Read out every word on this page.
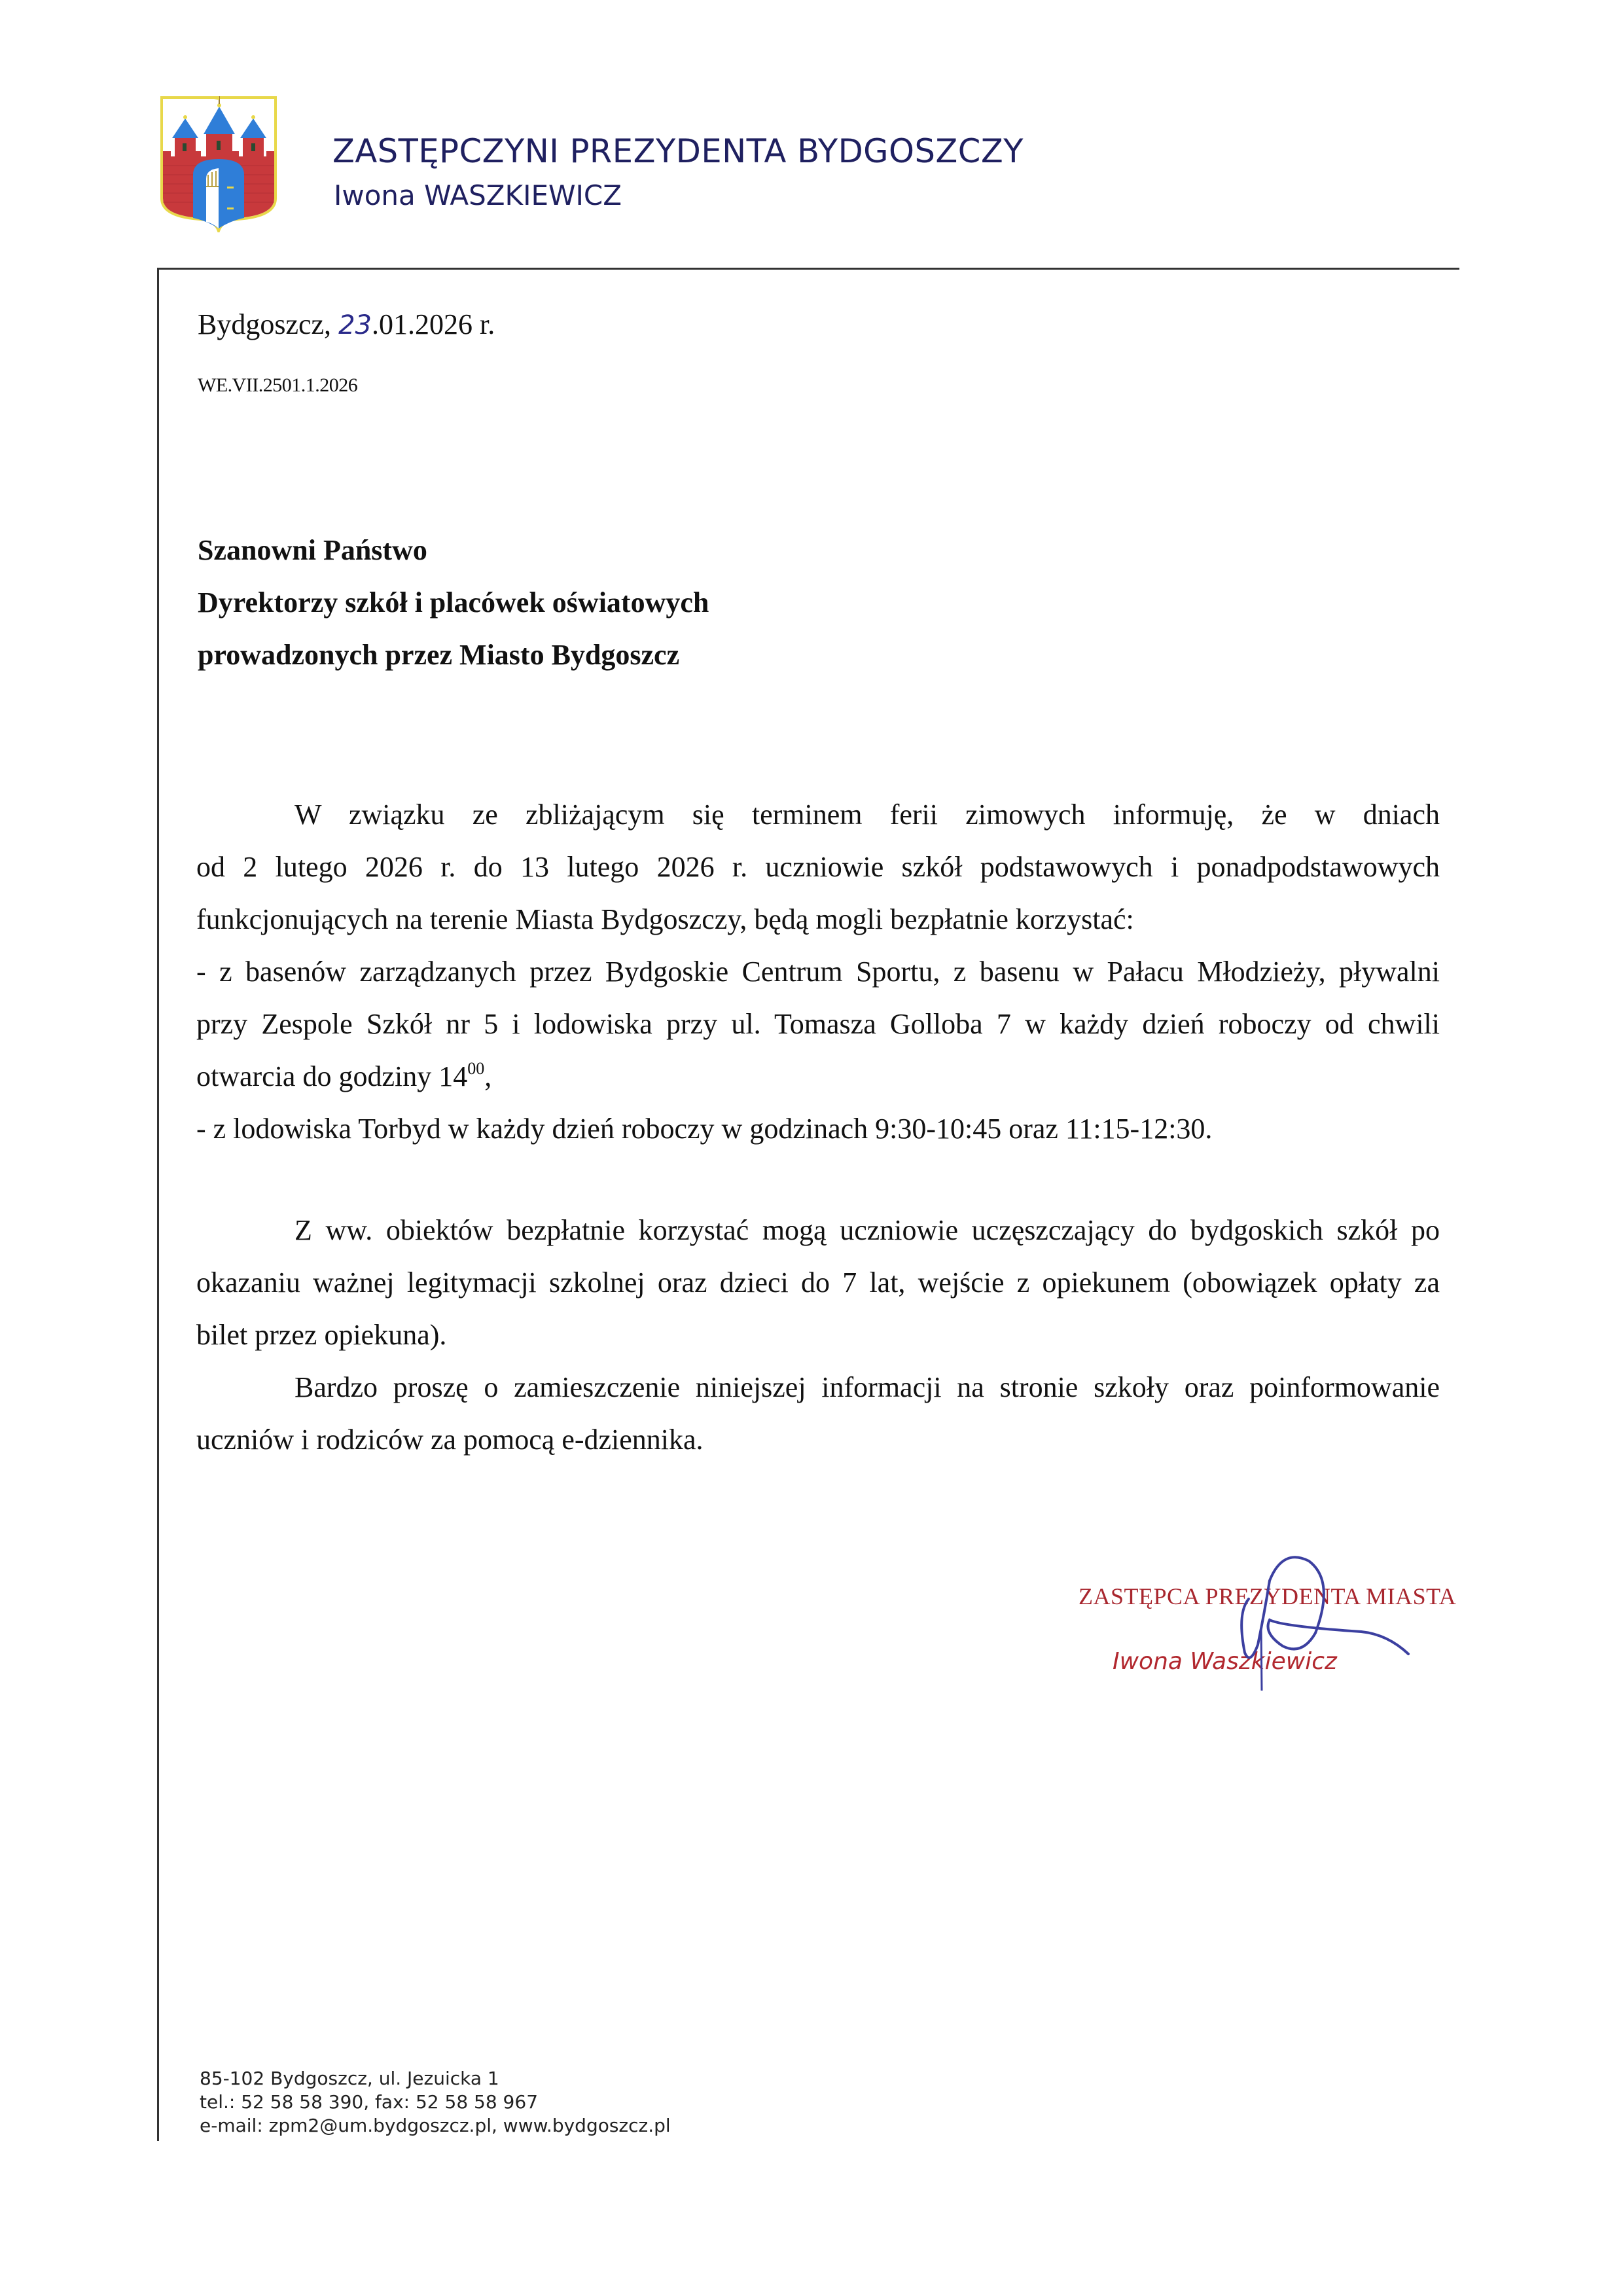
ZASTĘPCZYNI PREZYDENTA BYDGOSZCZY
Iwona WASZKIEWICZ
Bydgoszcz, 23.01.2026 r.
WE.VII.2501.1.2026
Szanowni Państwo
Dyrektorzy szkół i placówek oświatowych
prowadzonych przez Miasto Bydgoszcz
W związku ze zbliżającym się terminem ferii zimowych informuję, że w dniach
od 2 lutego 2026 r. do 13 lutego 2026 r. uczniowie szkół podstawowych i ponadpodstawowych
funkcjonujących na terenie Miasta Bydgoszczy, będą mogli bezpłatnie korzystać:
- z basenów zarządzanych przez Bydgoskie Centrum Sportu, z basenu w Pałacu Młodzieży, pływalni
przy Zespole Szkół nr 5 i lodowiska przy ul. Tomasza Golloba 7 w każdy dzień roboczy od chwili
otwarcia do godziny $14^{00}$,
- z lodowiska Torbyd w każdy dzień roboczy w godzinach 9:30-10:45 oraz 11:15-12:30.
Z ww. obiektów bezpłatnie korzystać mogą uczniowie uczęszczający do bydgoskich szkół po
okazaniu ważnej legitymacji szkolnej oraz dzieci do 7 lat, wejście z opiekunem (obowiązek opłaty za
bilet przez opiekuna).
Bardzo proszę o zamieszczenie niniejszej informacji na stronie szkoły oraz poinformowanie
uczniów i rodziców za pomocą e-dziennika.
ZASTĘPCA PREZYDENTA MIASTA
Iwona Waszkiewicz
85-102 Bydgoszcz, ul. Jezuicka 1
tel.: 52 58 58 390, fax: 52 58 58 967
e-mail: zpm2@um.bydgoszcz.pl, www.bydgoszcz.pl
